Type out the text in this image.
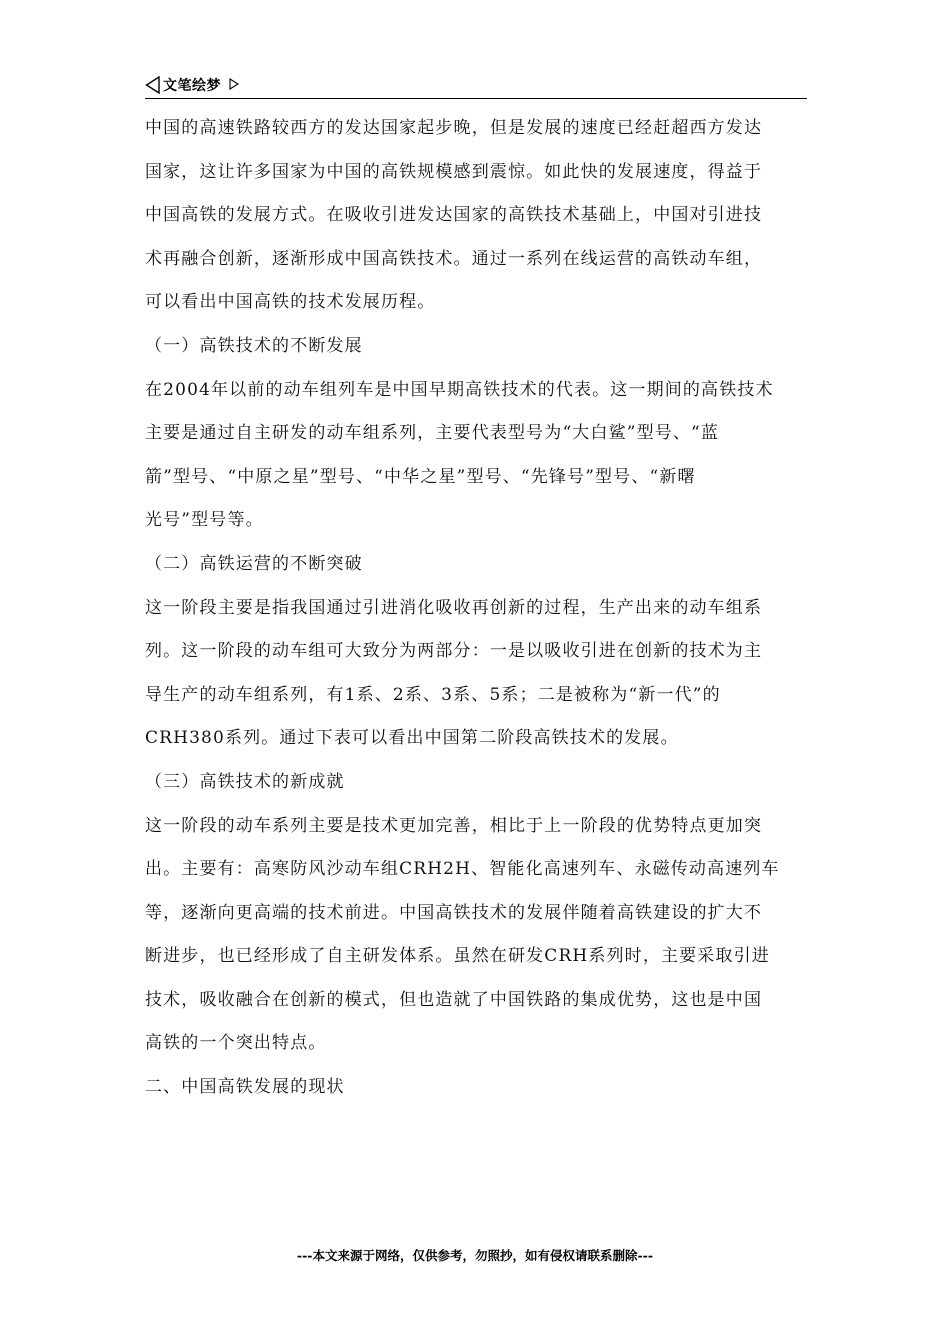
文笔绘梦
中国的高速铁路较西方的发达国家起步晚，但是发展的速度已经赶超西方发达
国家，这让许多国家为中国的高铁规模感到震惊。如此快的发展速度，得益于
中国高铁的发展方式。在吸收引进发达国家的高铁技术基础上，中国对引进技
术再融合创新，逐渐形成中国高铁技术。通过一系列在线运营的高铁动车组，
可以看出中国高铁的技术发展历程。
（一）高铁技术的不断发展
在2004年以前的动车组列车是中国早期高铁技术的代表。这一期间的高铁技术
主要是通过自主研发的动车组系列，主要代表型号为“大白鲨”型号、“蓝
箭”型号、“中原之星”型号、“中华之星”型号、“先锋号”型号、“新曙
光号”型号等。
（二）高铁运营的不断突破
这一阶段主要是指我国通过引进消化吸收再创新的过程，生产出来的动车组系
列。这一阶段的动车组可大致分为两部分：一是以吸收引进在创新的技术为主
导生产的动车组系列，有1系、2系、3系、5系；二是被称为“新一代”的
CRH380系列。通过下表可以看出中国第二阶段高铁技术的发展。
（三）高铁技术的新成就
这一阶段的动车系列主要是技术更加完善，相比于上一阶段的优势特点更加突
出。主要有：高寒防风沙动车组CRH2H、智能化高速列车、永磁传动高速列车
等，逐渐向更高端的技术前进。中国高铁技术的发展伴随着高铁建设的扩大不
断进步，也已经形成了自主研发体系。虽然在研发CRH系列时，主要采取引进
技术，吸收融合在创新的模式，但也造就了中国铁路的集成优势，这也是中国
高铁的一个突出特点。
二、中国高铁发展的现状
---本文来源于网络，仅供参考，勿照抄，如有侵权请联系删除---
